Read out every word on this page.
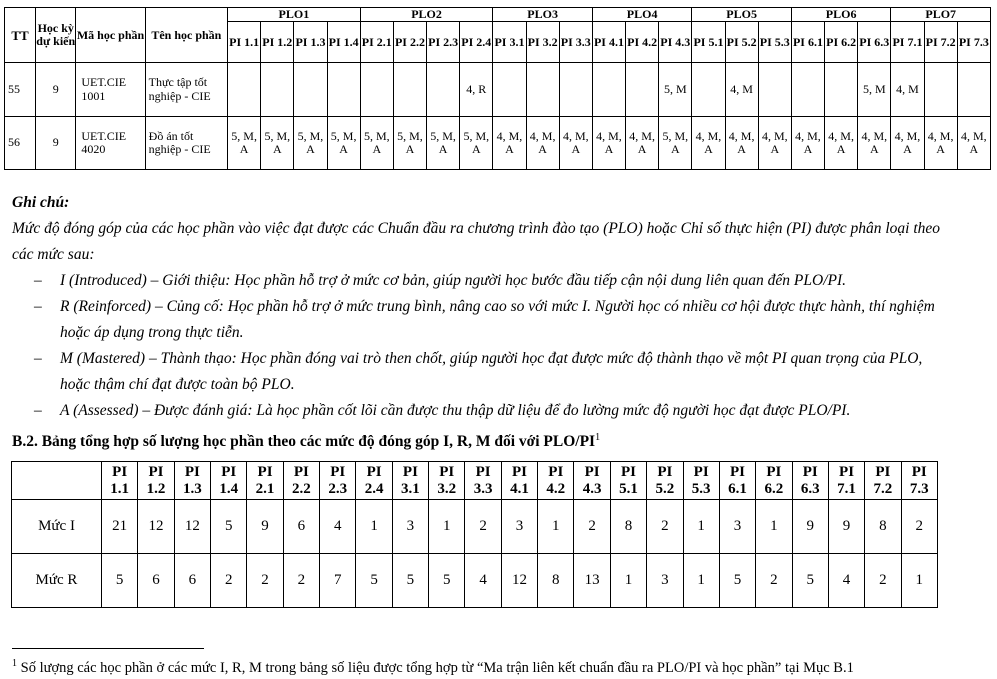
TT	Học kỳ dự kiến	Mã học phần	Tên học phần	PLO1				PLO2				PLO3			PLO4			PLO5			PLO6			PLO7		
				PI 1.1	PI 1.2	PI 1.3	PI 1.4	PI 2.1	PI 2.2	PI 2.3	PI 2.4	PI 3.1	PI 3.2	PI 3.3	PI 4.1	PI 4.2	PI 4.3	PI 5.1	PI 5.2	PI 5.3	PI 6.1	PI 6.2	PI 6.3	PI 7.1	PI 7.2	PI 7.3
55	9	UET.CIE 1001	Thực tập tốt nghiệp - CIE								4, R						5, M		4, M				5, M	4, M		
56	9	UET.CIE 4020	Đồ án tốt nghiệp - CIE	5, M, A	5, M, A	5, M, A	5, M, A	5, M, A	5, M, A	5, M, A	5, M, A	4, M, A	4, M, A	4, M, A	4, M, A	4, M, A	5, M, A	4, M, A	4, M, A	4, M, A	4, M, A	4, M, A	4, M, A	4, M, A	4, M, A	4, M, A

Ghi chú:

Mức độ đóng góp của các học phần vào việc đạt được các Chuẩn đầu ra chương trình đào tạo (PLO) hoặc Chỉ số thực hiện (PI) được phân loại theo các mức sau:

– I (Introduced) – Giới thiệu: Học phần hỗ trợ ở mức cơ bản, giúp người học bước đầu tiếp cận nội dung liên quan đến PLO/PI.
– R (Reinforced) – Củng cố: Học phần hỗ trợ ở mức trung bình, nâng cao so với mức I. Người học có nhiều cơ hội được thực hành, thí nghiệm hoặc áp dụng trong thực tiễn.
– M (Mastered) – Thành thạo: Học phần đóng vai trò then chốt, giúp người học đạt được mức độ thành thạo về một PI quan trọng của PLO, hoặc thậm chí đạt được toàn bộ PLO.
– A (Assessed) – Được đánh giá: Là học phần cốt lõi cần được thu thập dữ liệu để đo lường mức độ người học đạt được PLO/PI.
B.2. Bảng tổng hợp số lượng học phần theo các mức độ đóng góp I, R, M đối với PLO/$PI^1$
	PI 1.1	PI 1.2	PI 1.3	PI 1.4	PI 2.1	PI 2.2	PI 2.3	PI 2.4	PI 3.1	PI 3.2	PI 3.3	PI 4.1	PI 4.2	PI 4.3	PI 5.1	PI 5.2	PI 5.3	PI 6.1	PI 6.2	PI 6.3	PI 7.1	PI 7.2	PI 7.3
Mức I	21	12	12	5	9	6	4	1	3	1	2	3	1	2	8	2	1	3	1	9	9	8	2
Mức R	5	6	6	2	2	2	7	5	5	5	4	12	8	13	1	3	1	5	2	5	4	2	1
$^1$ Số lượng các học phần ở các mức I, R, M trong bảng số liệu được tổng hợp từ “Ma trận liên kết chuẩn đầu ra PLO/PI và học phần” tại Mục B.1
